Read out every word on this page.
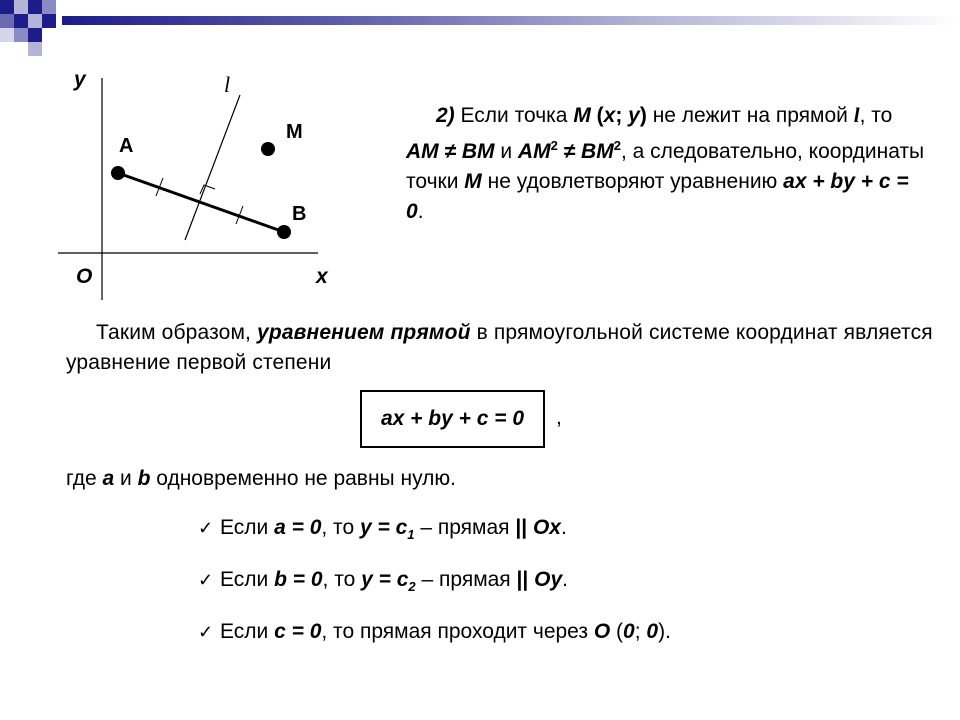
y
x
O
l
A
B
M
2) Если точка M (x; y) не лежит на прямой l, то AM ≠ BM и $AM^2 \ne BM^2$, а следовательно, координаты точки M не удовлетворяют уравнению ax + by + c = 0.
Таким образом, уравнением прямой в прямоугольной системе координат является уравнение первой степени
ax + by + c = 0	,
где a и b одновременно не равны нулю.
✓ Если a = 0, то $y = c_1$ – прямая || Ox.
✓ Если b = 0, то $y = c_2$ – прямая || Oy.
✓ Если c = 0, то прямая проходит через O (0; 0).
